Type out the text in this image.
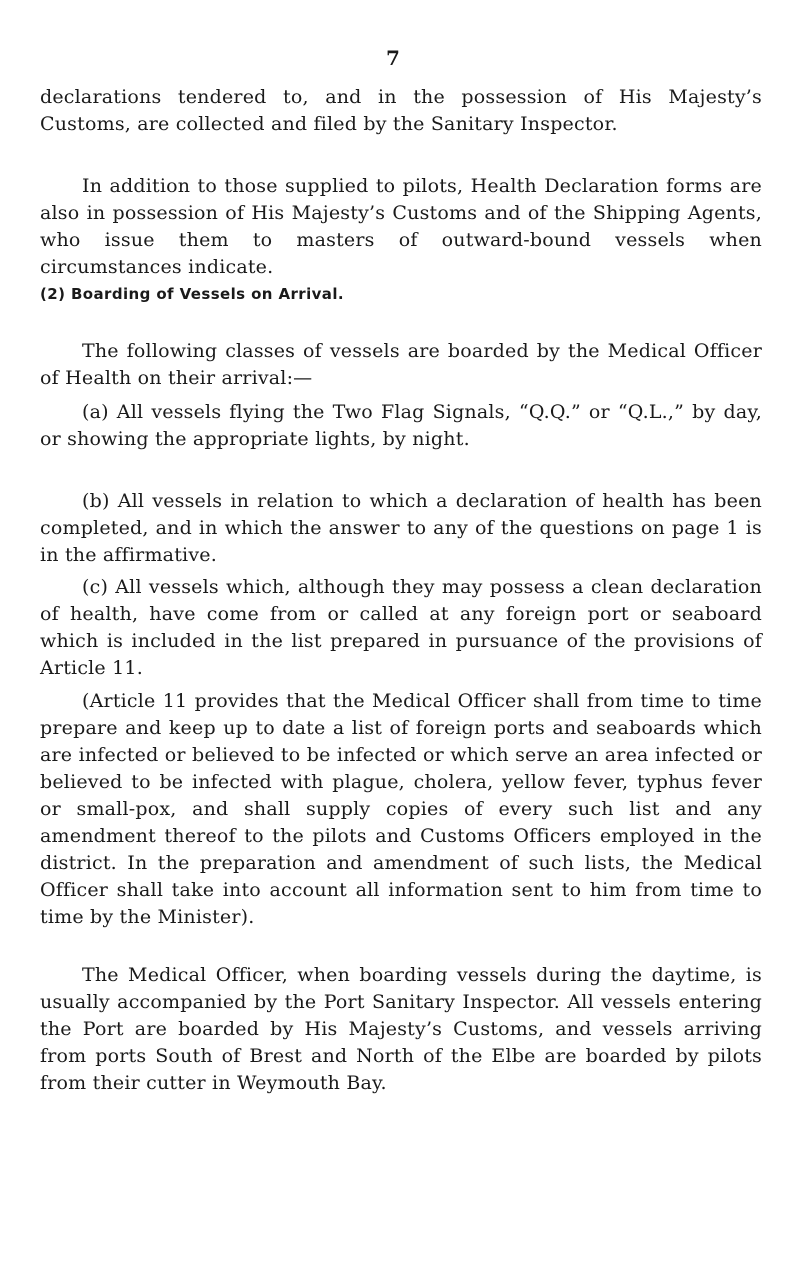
7

declarations tendered to, and in the possession of His Majesty’s Customs, are collected and filed by the Sanitary Inspector.

In addition to those supplied to pilots, Health Declaration forms are also in possession of His Majesty’s Customs and of the Shipping Agents, who issue them to masters of outward-bound vessels when circumstances indicate.

(2) Boarding of Vessels on Arrival.

The following classes of vessels are boarded by the Medical Officer of Health on their arrival:—

(a) All vessels flying the Two Flag Signals, “Q.Q.” or “Q.L.,” by day, or showing the appropriate lights, by night.

(b) All vessels in relation to which a declaration of health has been completed, and in which the answer to any of the questions on page 1 is in the affirmative.

(c) All vessels which, although they may possess a clean declaration of health, have come from or called at any foreign port or seaboard which is included in the list prepared in pursuance of the provisions of Article 11.

(Article 11 provides that the Medical Officer shall from time to time prepare and keep up to date a list of foreign ports and seaboards which are infected or believed to be infected or which serve an area infected or believed to be infected with plague, cholera, yellow fever, typhus fever or small-pox, and shall supply copies of every such list and any amendment thereof to the pilots and Customs Officers employed in the district. In the preparation and amendment of such lists, the Medical Officer shall take into account all information sent to him from time to time by the Minister).

The Medical Officer, when boarding vessels during the daytime, is usually accompanied by the Port Sanitary Inspector. All vessels entering the Port are boarded by His Majesty’s Customs, and vessels arriving from ports South of Brest and North of the Elbe are boarded by pilots from their cutter in Weymouth Bay.
